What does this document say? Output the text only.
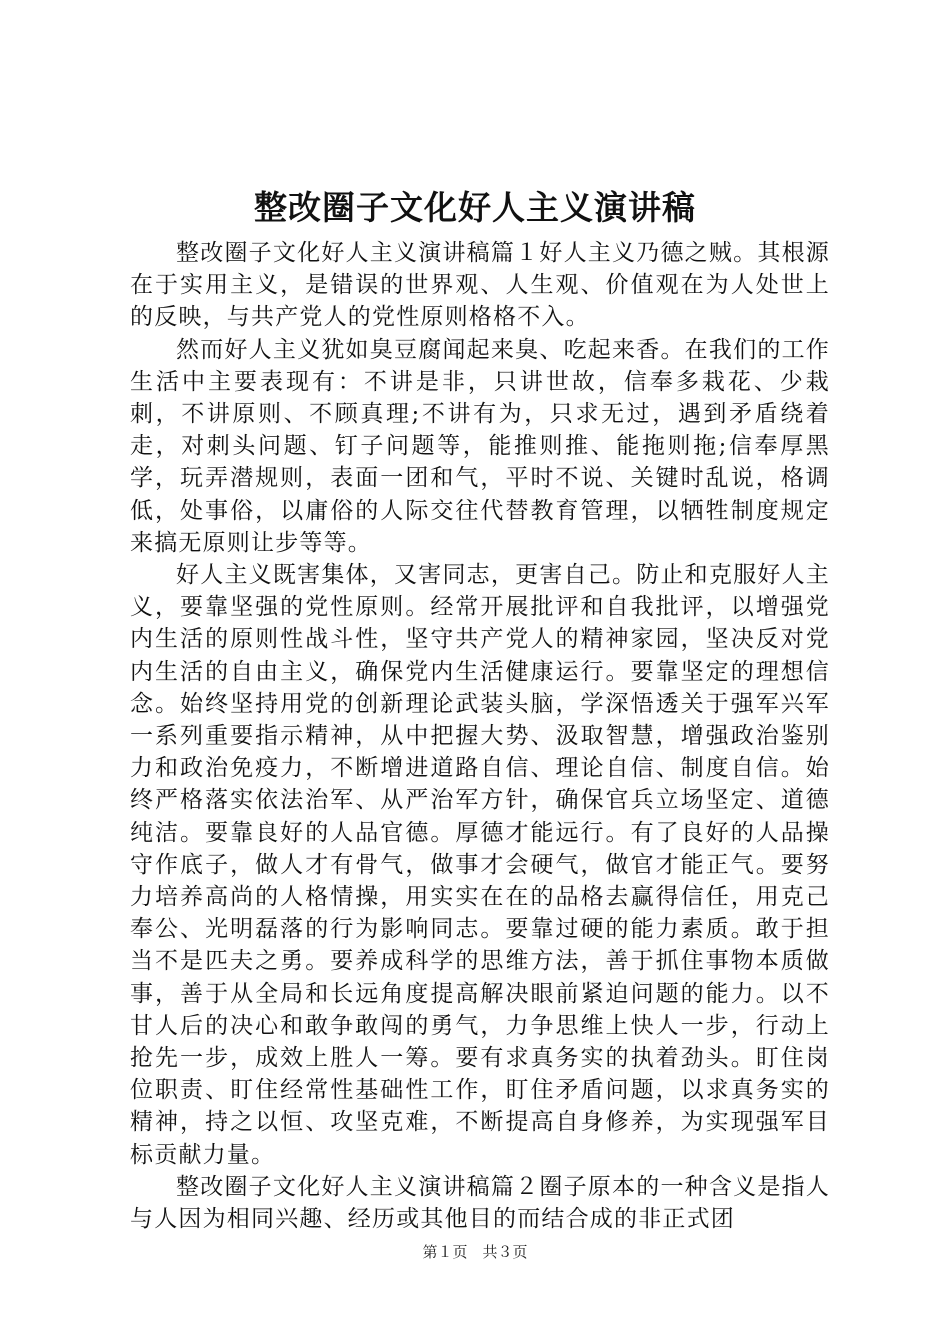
整改圈子文化好人主义演讲稿

整改圈子文化好人主义演讲稿篇１好人主义乃德之贼。其根源在于实用主义，是错误的世界观、人生观、价值观在为人处世上的反映，与共产党人的党性原则格格不入。

然而好人主义犹如臭豆腐闻起来臭、吃起来香。在我们的工作生活中主要表现有：不讲是非，只讲世故，信奉多栽花、少栽刺，不讲原则、不顾真理;不讲有为，只求无过，遇到矛盾绕着走，对刺头问题、钉子问题等，能推则推、能拖则拖;信奉厚黑学，玩弄潜规则，表面一团和气，平时不说、关键时乱说，格调低，处事俗，以庸俗的人际交往代替教育管理，以牺牲制度规定来搞无原则让步等等。

好人主义既害集体，又害同志，更害自己。防止和克服好人主义，要靠坚强的党性原则。经常开展批评和自我批评，以增强党内生活的原则性战斗性，坚守共产党人的精神家园，坚决反对党内生活的自由主义，确保党内生活健康运行。要靠坚定的理想信念。始终坚持用党的创新理论武装头脑，学深悟透关于强军兴军一系列重要指示精神，从中把握大势、汲取智慧，增强政治鉴别力和政治免疫力，不断增进道路自信、理论自信、制度自信。始终严格落实依法治军、从严治军方针，确保官兵立场坚定、道德纯洁。要靠良好的人品官德。厚德才能远行。有了良好的人品操守作底子，做人才有骨气，做事才会硬气，做官才能正气。要努力培养高尚的人格情操，用实实在在的品格去赢得信任，用克己奉公、光明磊落的行为影响同志。要靠过硬的能力素质。敢于担当不是匹夫之勇。要养成科学的思维方法，善于抓住事物本质做事，善于从全局和长远角度提高解决眼前紧迫问题的能力。以不甘人后的决心和敢争敢闯的勇气，力争思维上快人一步，行动上抢先一步，成效上胜人一筹。要有求真务实的执着劲头。盯住岗位职责、盯住经常性基础性工作，盯住矛盾问题，以求真务实的精神，持之以恒、攻坚克难，不断提高自身修养，为实现强军目标贡献力量。

整改圈子文化好人主义演讲稿篇２圈子原本的一种含义是指人与人因为相同兴趣、经历或其他目的而结合成的非正式团

第１页　共３页
